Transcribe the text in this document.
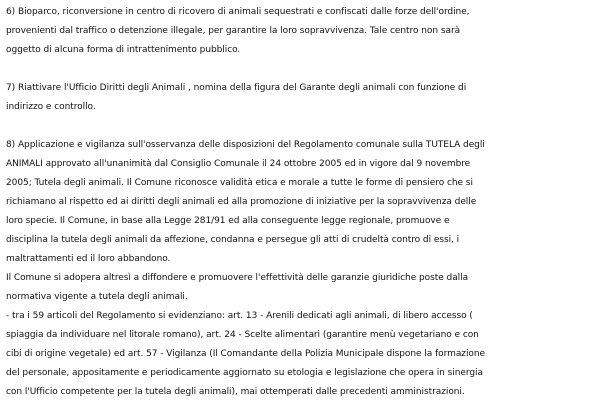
6) Bioparco, riconversione in centro di ricovero di animali sequestrati e confiscati dalle forze dell'ordine,
provenienti dal traffico o detenzione illegale, per garantire la loro sopravvivenza. Tale centro non sarà
oggetto di alcuna forma di intrattenimento pubblico.
7) Riattivare l'Ufficio Diritti degli Animali , nomina della figura del Garante degli animali con funzione di
indirizzo e controllo.
8) Applicazione e vigilanza sull'osservanza delle disposizioni del Regolamento comunale sulla TUTELA degli
ANIMALI approvato all'unanimità dal Consiglio Comunale il 24 ottobre 2005 ed in vigore dal 9 novembre
2005; Tutela degli animali. Il Comune riconosce validità etica e morale a tutte le forme di pensiero che si
richiamano al rispetto ed ai diritti degli animali ed alla promozione di iniziative per la sopravvivenza delle
loro specie. Il Comune, in base alla Legge 281/91 ed alla conseguente legge regionale, promuove e
disciplina la tutela degli animali da affezione, condanna e persegue gli atti di crudeltà contro di essi, i
maltrattamenti ed il loro abbandono.
Il Comune si adopera altresì a diffondere e promuovere l'effettività delle garanzie giuridiche poste dalla
normativa vigente a tutela degli animali.
- tra i 59 articoli del Regolamento si evidenziano: art. 13 - Arenili dedicati agli animali, di libero accesso (
spiaggia da individuare nel litorale romano), art. 24 - Scelte alimentari (garantire menù vegetariano e con
cibi di origine vegetale) ed art. 57 - Vigilanza (Il Comandante della Polizia Municipale dispone la formazione
del personale, appositamente e periodicamente aggiornato su etologia e legislazione che opera in sinergia
con l'Ufficio competente per la tutela degli animali), mai ottemperati dalle precedenti amministrazioni.
